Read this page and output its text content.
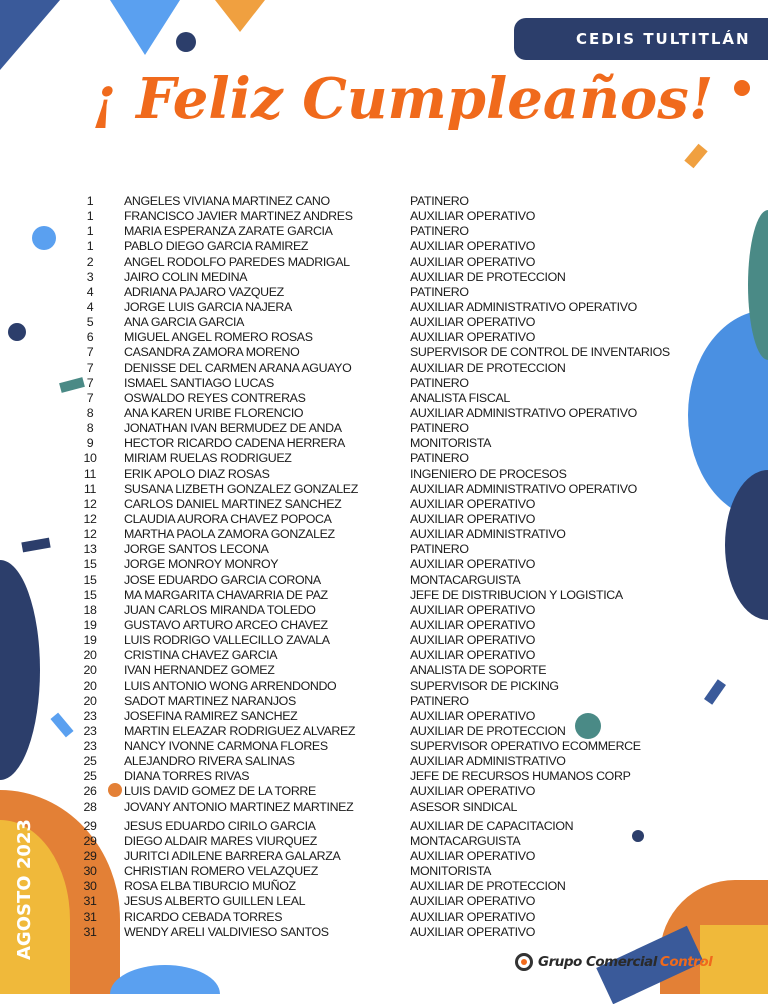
CEDIS TULTITLÁN
¡ Feliz Cumpleaños!
1	ANGELES VIVIANA MARTINEZ CANO	PATINERO
1	FRANCISCO JAVIER MARTINEZ ANDRES	AUXILIAR OPERATIVO
1	MARIA ESPERANZA ZARATE GARCIA	PATINERO
1	PABLO DIEGO GARCIA RAMIREZ	AUXILIAR OPERATIVO
2	ANGEL RODOLFO PAREDES MADRIGAL	AUXILIAR OPERATIVO
3	JAIRO COLIN MEDINA	AUXILIAR DE PROTECCION
4	ADRIANA PAJARO VAZQUEZ	PATINERO
4	JORGE LUIS GARCIA NAJERA	AUXILIAR ADMINISTRATIVO OPERATIVO
5	ANA GARCIA GARCIA	AUXILIAR OPERATIVO
6	MIGUEL ANGEL ROMERO ROSAS	AUXILIAR OPERATIVO
7	CASANDRA ZAMORA MORENO	SUPERVISOR DE CONTROL DE INVENTARIOS
7	DENISSE DEL CARMEN ARANA AGUAYO	AUXILIAR DE PROTECCION
7	ISMAEL SANTIAGO LUCAS	PATINERO
7	OSWALDO REYES CONTRERAS	ANALISTA FISCAL
8	ANA KAREN URIBE FLORENCIO	AUXILIAR ADMINISTRATIVO OPERATIVO
8	JONATHAN IVAN BERMUDEZ DE ANDA	PATINERO
9	HECTOR RICARDO CADENA HERRERA	MONITORISTA
10	MIRIAM RUELAS RODRIGUEZ	PATINERO
11	ERIK APOLO DIAZ ROSAS	INGENIERO DE PROCESOS
11	SUSANA LIZBETH GONZALEZ GONZALEZ	AUXILIAR ADMINISTRATIVO OPERATIVO
12	CARLOS DANIEL MARTINEZ SANCHEZ	AUXILIAR OPERATIVO
12	CLAUDIA AURORA CHAVEZ POPOCA	AUXILIAR OPERATIVO
12	MARTHA PAOLA ZAMORA GONZALEZ	AUXILIAR ADMINISTRATIVO
13	JORGE SANTOS LECONA	PATINERO
15	JORGE MONROY MONROY	AUXILIAR OPERATIVO
15	JOSE EDUARDO GARCIA CORONA	MONTACARGUISTA
15	MA MARGARITA CHAVARRIA DE PAZ	JEFE DE DISTRIBUCION Y LOGISTICA
18	JUAN CARLOS MIRANDA TOLEDO	AUXILIAR OPERATIVO
19	GUSTAVO ARTURO ARCEO CHAVEZ	AUXILIAR OPERATIVO
19	LUIS RODRIGO VALLECILLO ZAVALA	AUXILIAR OPERATIVO
20	CRISTINA CHAVEZ GARCIA	AUXILIAR OPERATIVO
20	IVAN HERNANDEZ GOMEZ	ANALISTA DE SOPORTE
20	LUIS ANTONIO WONG ARRENDONDO	SUPERVISOR DE PICKING
20	SADOT MARTINEZ NARANJOS	PATINERO
23	JOSEFINA RAMIREZ SANCHEZ	AUXILIAR OPERATIVO
23	MARTIN ELEAZAR RODRIGUEZ ALVAREZ	AUXILIAR DE PROTECCION
23	NANCY IVONNE CARMONA FLORES	SUPERVISOR OPERATIVO ECOMMERCE
25	ALEJANDRO RIVERA SALINAS	AUXILIAR ADMINISTRATIVO
25	DIANA TORRES RIVAS	JEFE DE RECURSOS HUMANOS CORP
26	LUIS DAVID GOMEZ DE LA TORRE	AUXILIAR OPERATIVO
28	JOVANY ANTONIO MARTINEZ MARTINEZ	ASESOR SINDICAL
29	JESUS EDUARDO CIRILO GARCIA	AUXILIAR DE CAPACITACION
29	DIEGO ALDAIR MARES VIURQUEZ	MONTACARGUISTA
29	JURITCI ADILENE BARRERA GALARZA	AUXILIAR OPERATIVO
30	CHRISTIAN ROMERO VELAZQUEZ	MONITORISTA
30	ROSA ELBA TIBURCIO MUÑOZ	AUXILIAR DE PROTECCION
31	JESUS ALBERTO GUILLEN LEAL	AUXILIAR OPERATIVO
31	RICARDO CEBADA TORRES	AUXILIAR OPERATIVO
31	WENDY ARELI VALDIVIESO SANTOS	AUXILIAR OPERATIVO
AGOSTO 2023
Grupo Comercial Control
